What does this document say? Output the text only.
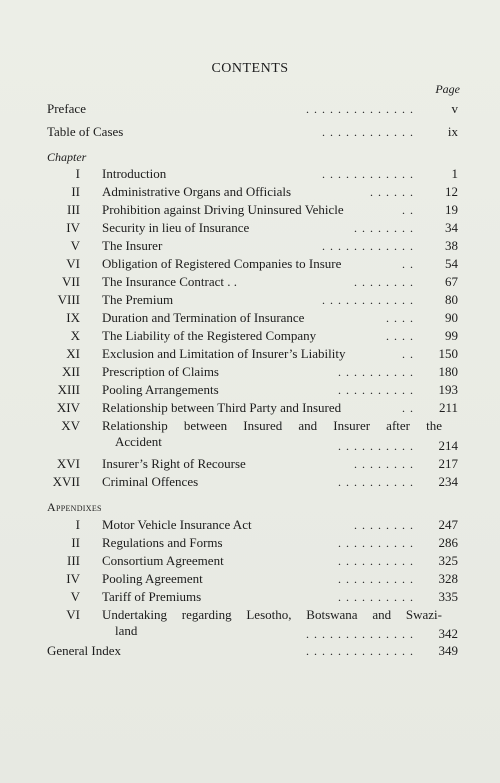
CONTENTS
Page
Preface	. . . . . . . . . . . . . .	v
Table of Cases	. . . . . . . . . . . .	ix
Chapter
I Introduction	. . . . . . . . . . . .	1
II Administrative Organs and Officials	. . . . . . 12
III Prohibition against Driving Uninsured Vehicle	. . 19
IV Security in lieu of Insurance	. . . . . . . . 34
V The Insurer	. . . . . . . . . . . . 38
VI Obligation of Registered Companies to Insure	. . 54
VII The Insurance Contract . .	. . . . . . . . 67
VIII The Premium	. . . . . . . . . . . . 80
IX Duration and Termination of Insurance	. . . . 90
X The Liability of the Registered Company	. . . . 99
XI Exclusion and Limitation of Insurer’s Liability	. . 150
XII Prescription of Claims	. . . . . . . . . . 180
XIII Pooling Arrangements	. . . . . . . . . . 193
XIV Relationship between Third Party and Insured	. . 211
XV Relationship between Insured and Insurer after the
Accident	. . . . . . . . . . 214
XVI Insurer’s Right of Recourse	. . . . . . . . 217
XVII Criminal Offences	. . . . . . . . . . 234
Appendixes
I Motor Vehicle Insurance Act	. . . . . . . . 247
II Regulations and Forms	. . . . . . . . . . 286
III Consortium Agreement	. . . . . . . . . . 325
IV Pooling Agreement	. . . . . . . . . . 328
V Tariff of Premiums	. . . . . . . . . . 335
VI Undertaking regarding Lesotho, Botswana and Swazi-
land	. . . . . . . . . . . . . . 342
General Index	. . . . . . . . . . . . . . 349
